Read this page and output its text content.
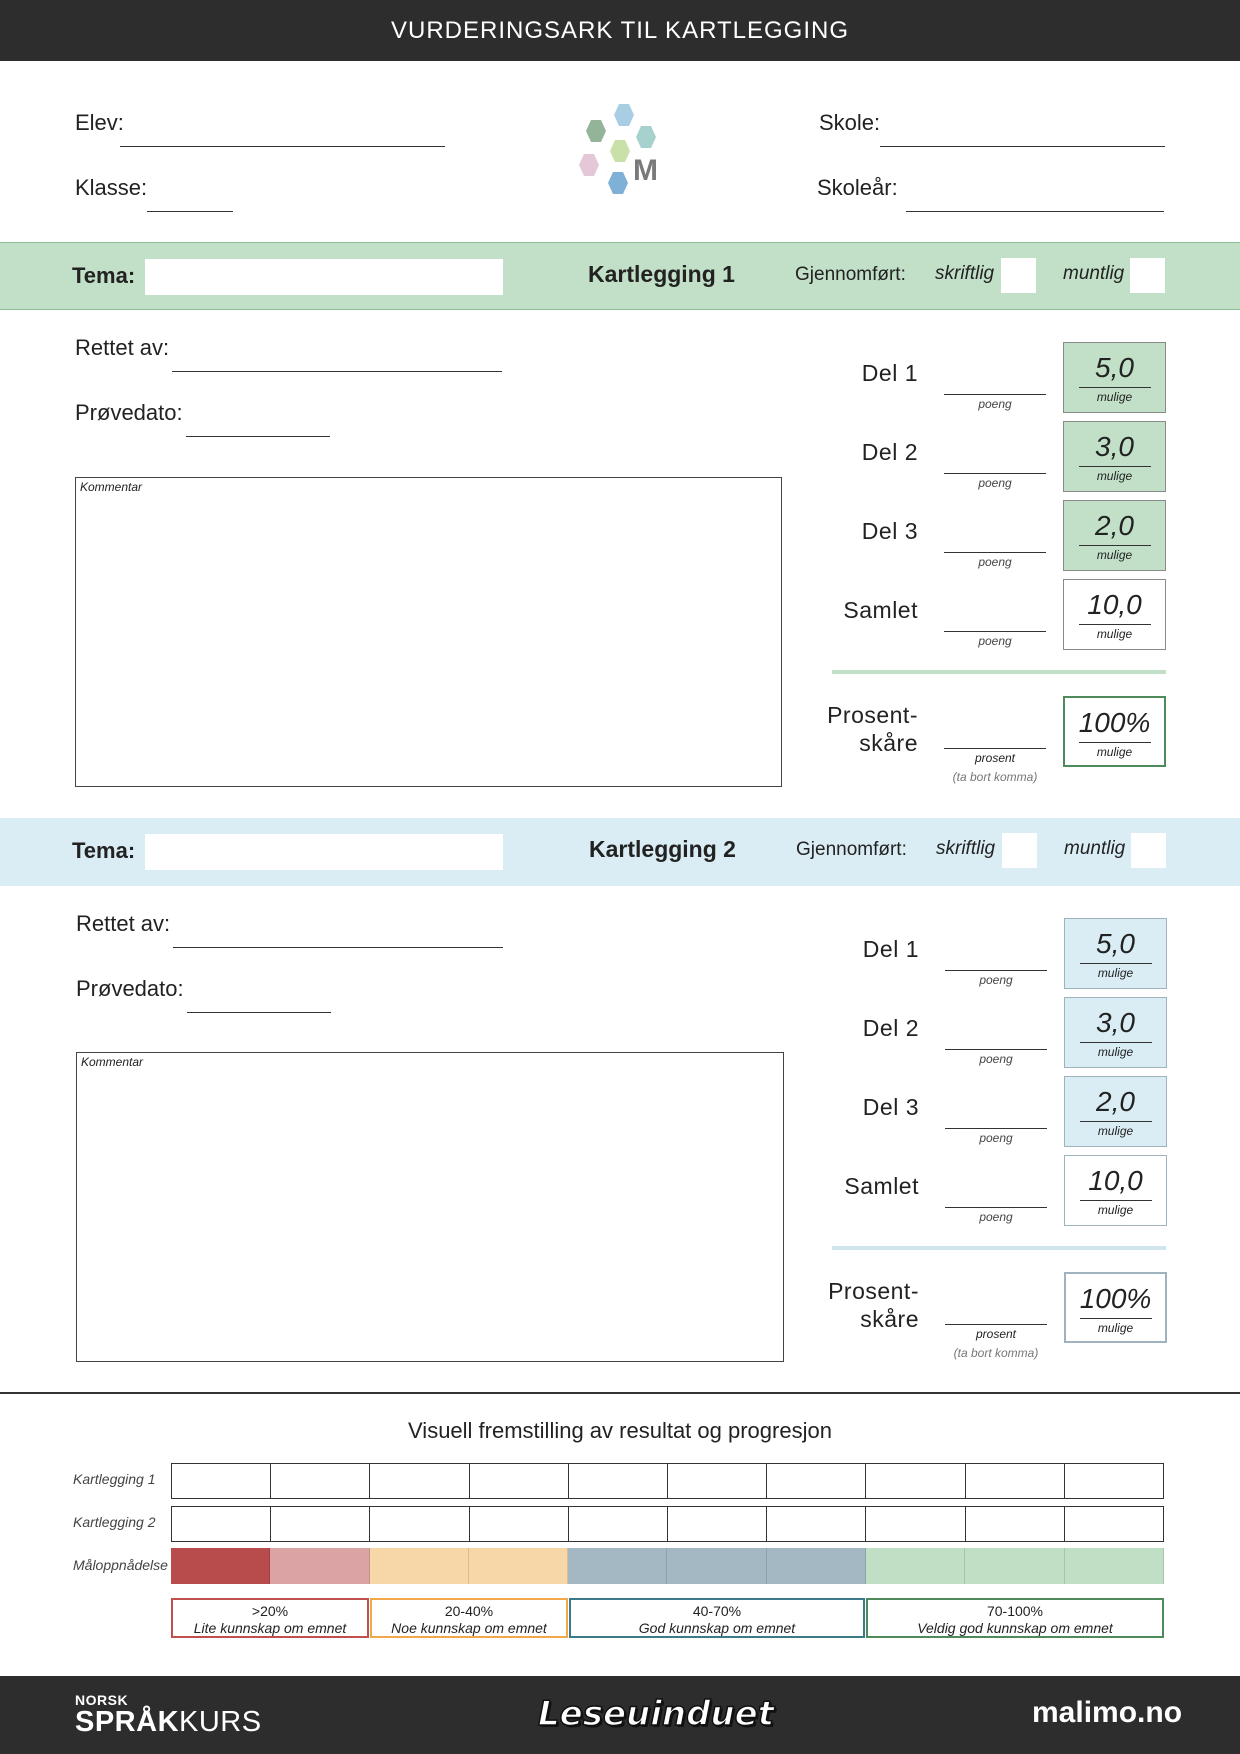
VURDERINGSARK TIL KARTLEGGING
Elev:
Klasse:
Skole:
Skoleår:
M
Tema:	Kartlegging 1	Gjennomført: skriftlig	muntlig
Rettet av:
Prøvedato:
Kommentar
Del 1
poeng
5,0
mulige
Del 2
poeng
3,0
mulige
Del 3
poeng
2,0
mulige
Samlet
poeng
10,0
mulige
Prosent-
skåre
prosent
(ta bort komma)
100%
mulige
Tema:	Kartlegging 2	Gjennomført: skriftlig	muntlig
Rettet av:
Prøvedato:
Kommentar
Del 1
poeng
5,0
mulige
Del 2
poeng
3,0
mulige
Del 3
poeng
2,0
mulige
Samlet
poeng
10,0
mulige
Prosent-
skåre
prosent
(ta bort komma)
100%
mulige
Visuell fremstilling av resultat og progresjon
Kartlegging 1
Kartlegging 2
Måloppnådelse
>20%
Lite kunnskap om emnet
20-40%
Noe kunnskap om emnet
40-70%
God kunnskap om emnet
70-100%
Veldig god kunnskap om emnet
NORSK
SPRÅKKURS	Leseuinduet	malimo.no
